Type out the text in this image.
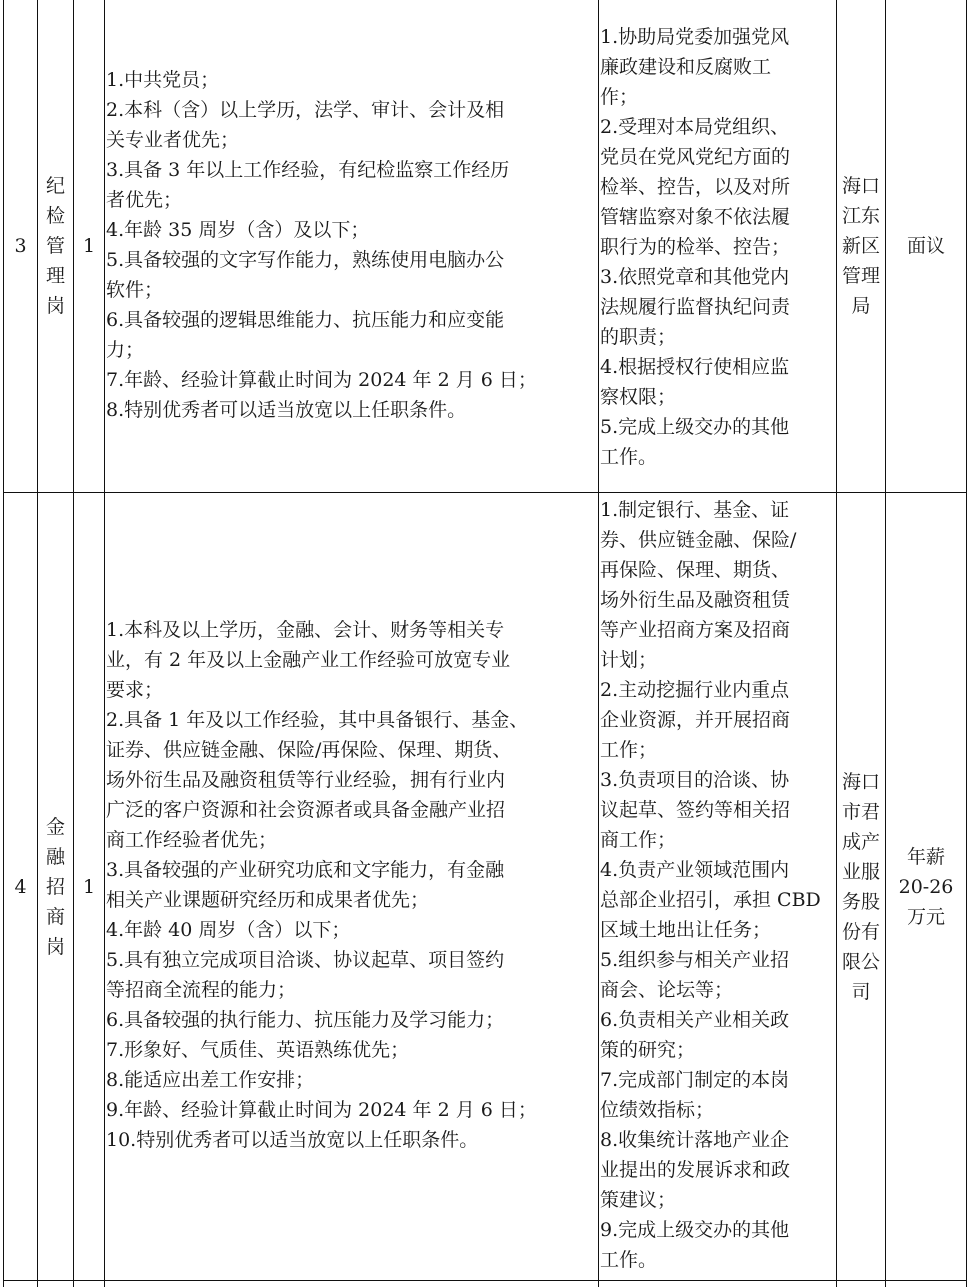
3
纪
检
管
理
岗
1
1.中共党员；
2.本科（含）以上学历，法学、审计、会计及相
关专业者优先；
3.具备 3 年以上工作经验，有纪检监察工作经历
者优先；
4.年龄 35 周岁（含）及以下；
5.具备较强的文字写作能力，熟练使用电脑办公
软件；
6.具备较强的逻辑思维能力、抗压能力和应变能
力；
7.年龄、经验计算截止时间为 2024 年 2 月 6 日；
8.特别优秀者可以适当放宽以上任职条件。
1.协助局党委加强党风
廉政建设和反腐败工
作；
2.受理对本局党组织、
党员在党风党纪方面的
检举、控告，以及对所
管辖监察对象不依法履
职行为的检举、控告；
3.依照党章和其他党内
法规履行监督执纪问责
的职责；
4.根据授权行使相应监
察权限；
5.完成上级交办的其他
工作。
海口
江东
新区
管理
局
面议
4
金
融
招
商
岗
1
1.本科及以上学历，金融、会计、财务等相关专
业，有 2 年及以上金融产业工作经验可放宽专业
要求；
2.具备 1 年及以工作经验，其中具备银行、基金、
证券、供应链金融、保险/再保险、保理、期货、
场外衍生品及融资租赁等行业经验，拥有行业内
广泛的客户资源和社会资源者或具备金融产业招
商工作经验者优先；
3.具备较强的产业研究功底和文字能力，有金融
相关产业课题研究经历和成果者优先；
4.年龄 40 周岁（含）以下；
5.具有独立完成项目洽谈、协议起草、项目签约
等招商全流程的能力；
6.具备较强的执行能力、抗压能力及学习能力；
7.形象好、气质佳、英语熟练优先；
8.能适应出差工作安排；
9.年龄、经验计算截止时间为 2024 年 2 月 6 日；
10.特别优秀者可以适当放宽以上任职条件。
1.制定银行、基金、证
券、供应链金融、保险/
再保险、保理、期货、
场外衍生品及融资租赁
等产业招商方案及招商
计划；
2.主动挖掘行业内重点
企业资源，并开展招商
工作；
3.负责项目的洽谈、协
议起草、签约等相关招
商工作；
4.负责产业领域范围内
总部企业招引，承担 CBD
区域土地出让任务；
5.组织参与相关产业招
商会、论坛等；
6.负责相关产业相关政
策的研究；
7.完成部门制定的本岗
位绩效指标；
8.收集统计落地产业企
业提出的发展诉求和政
策建议；
9.完成上级交办的其他
工作。
海口
市君
成产
业服
务股
份有
限公
司
年薪
20-26
万元
